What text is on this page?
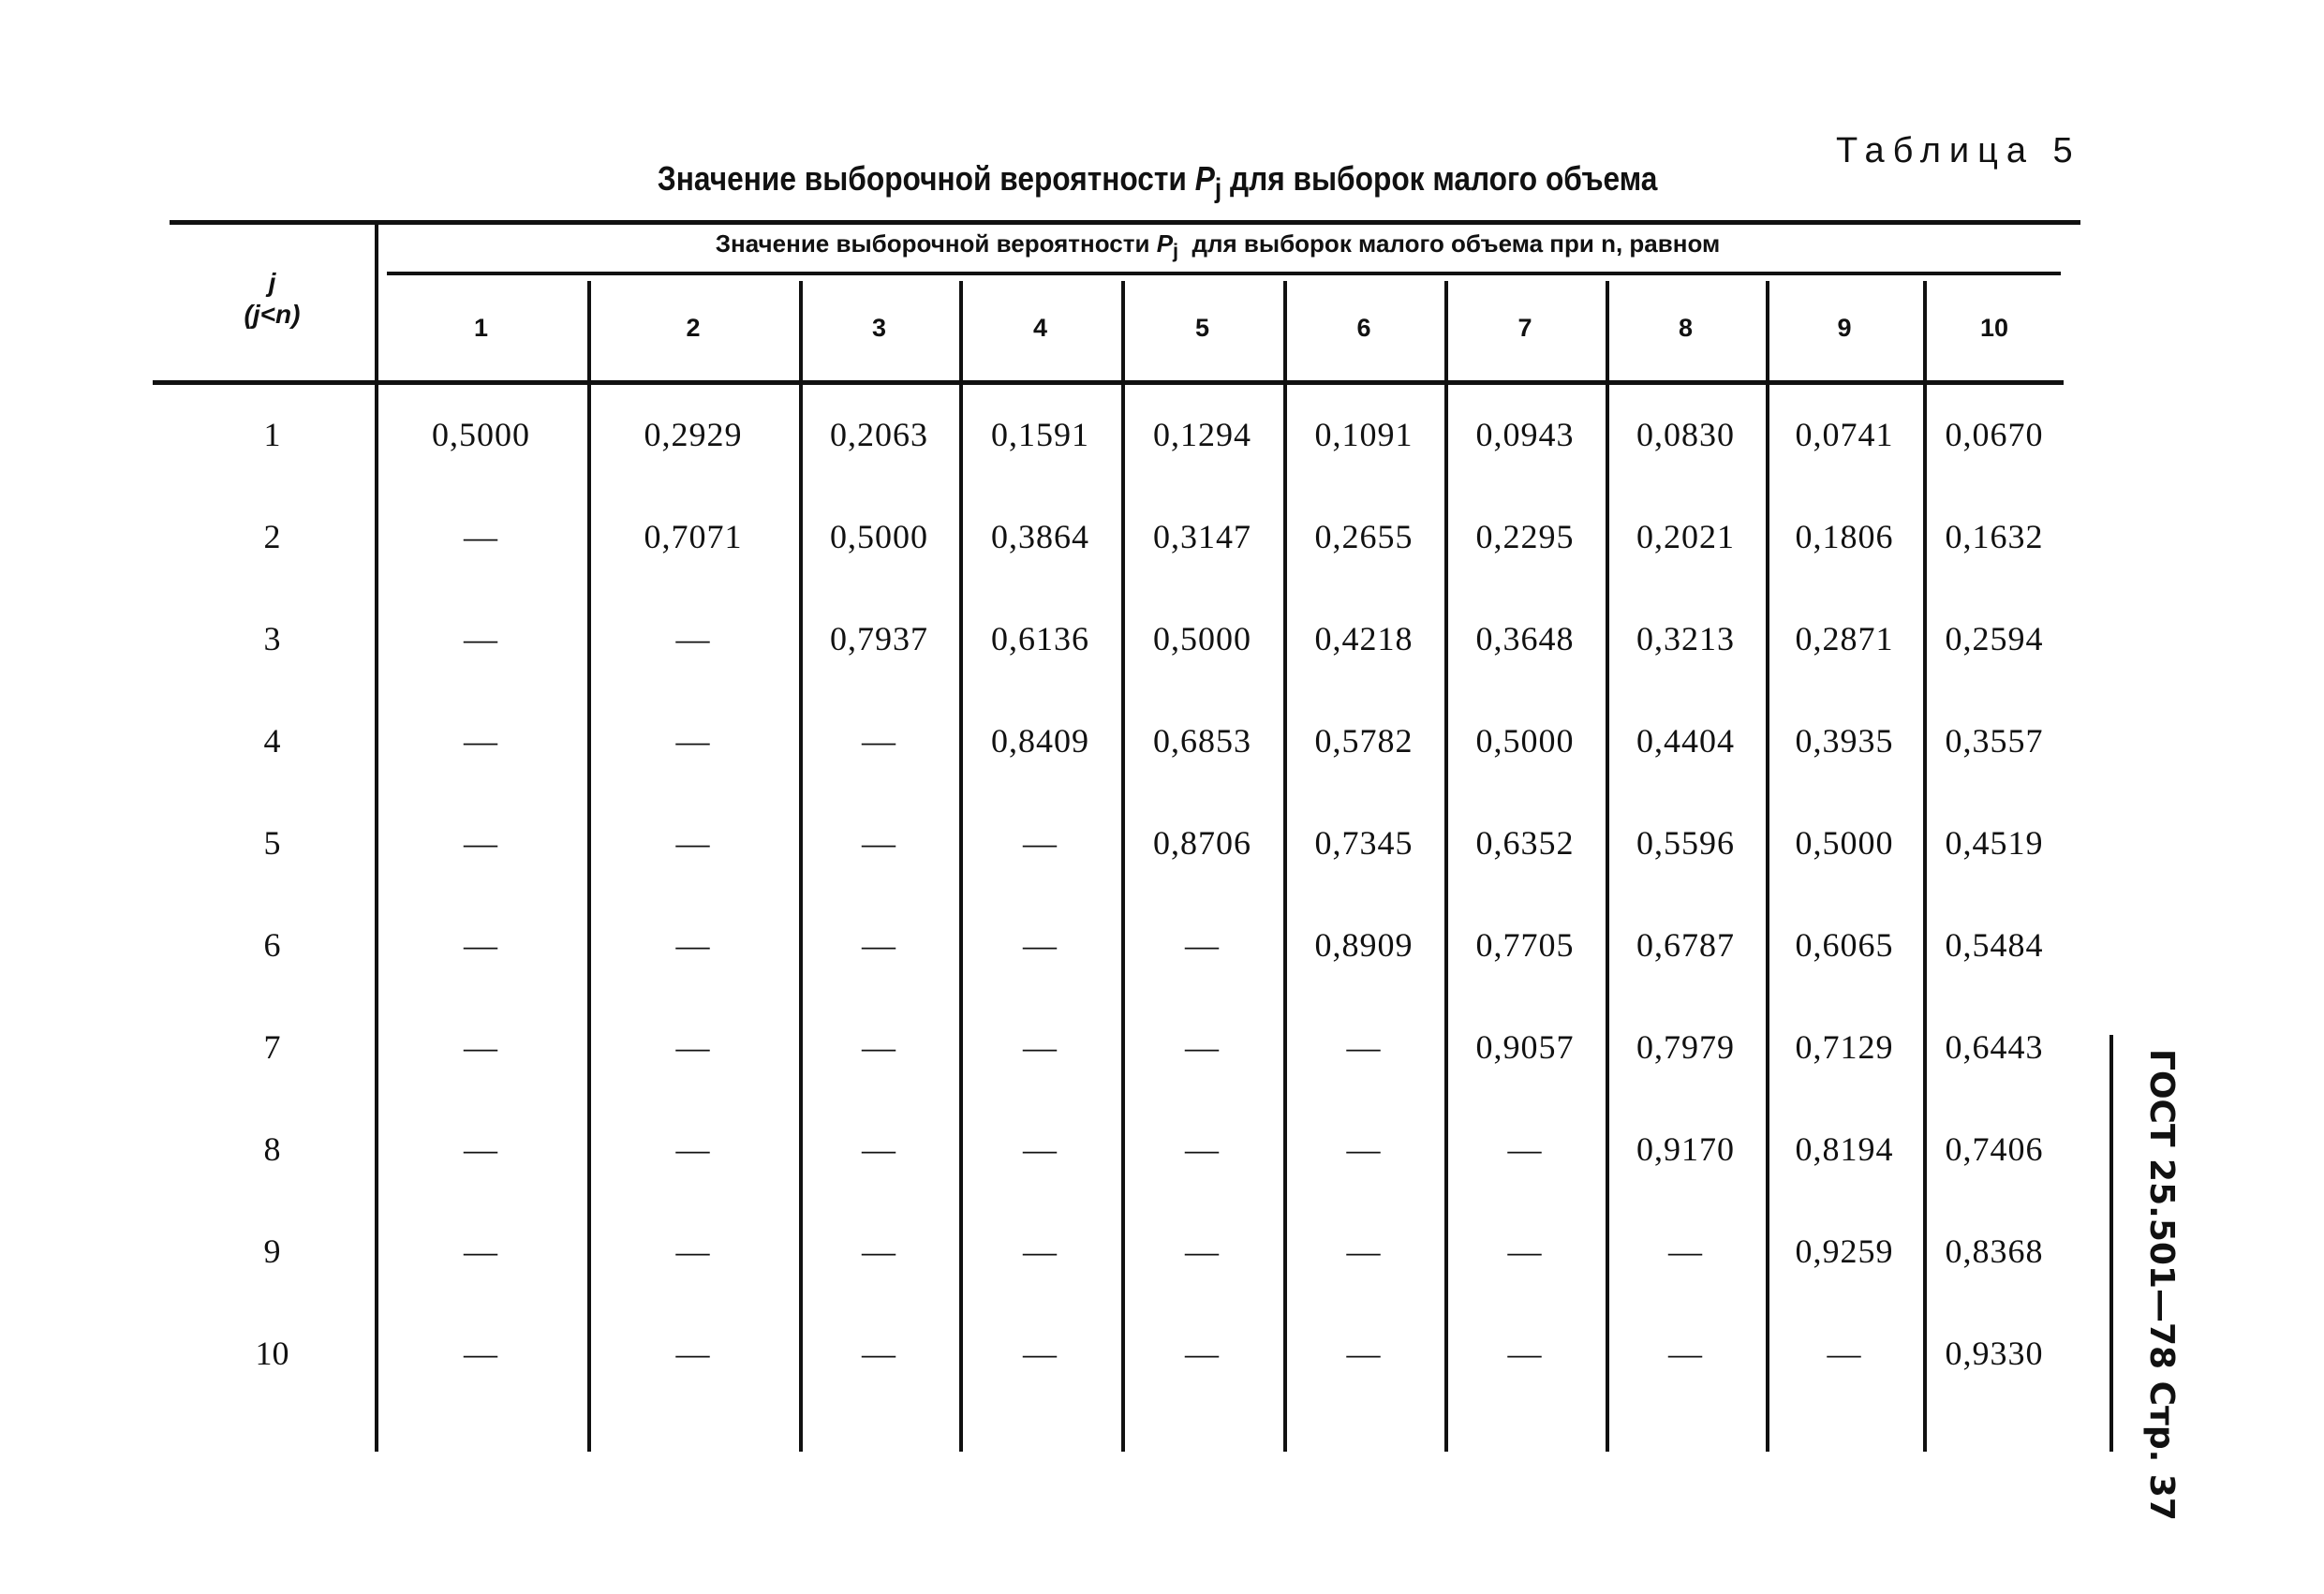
Таблица 5
Значение выборочной вероятности $P_j$ для выборок малого объема
Значение выборочной вероятности $P_j$  для выборок малого объема при n, равном
j
(j<n)	1	2	3	4	5	6	7	8	9	10
1	0,5000	0,2929	0,2063	0,1591	0,1294	0,1091	0,0943	0,0830	0,0741	0,0670
2	—	0,7071	0,5000	0,3864	0,3147	0,2655	0,2295	0,2021	0,1806	0,1632
3	—	—	0,7937	0,6136	0,5000	0,4218	0,3648	0,3213	0,2871	0,2594
4	—	—	—	0,8409	0,6853	0,5782	0,5000	0,4404	0,3935	0,3557
5	—	—	—	—	0,8706	0,7345	0,6352	0,5596	0,5000	0,4519
6	—	—	—	—	—	0,8909	0,7705	0,6787	0,6065	0,5484
7	—	—	—	—	—	—	0,9057	0,7979	0,7129	0,6443
8	—	—	—	—	—	—	—	0,9170	0,8194	0,7406
9	—	—	—	—	—	—	—	—	0,9259	0,8368
10	—	—	—	—	—	—	—	—	—	0,9330	ГОСТ 25.501—78 Стр. 37
